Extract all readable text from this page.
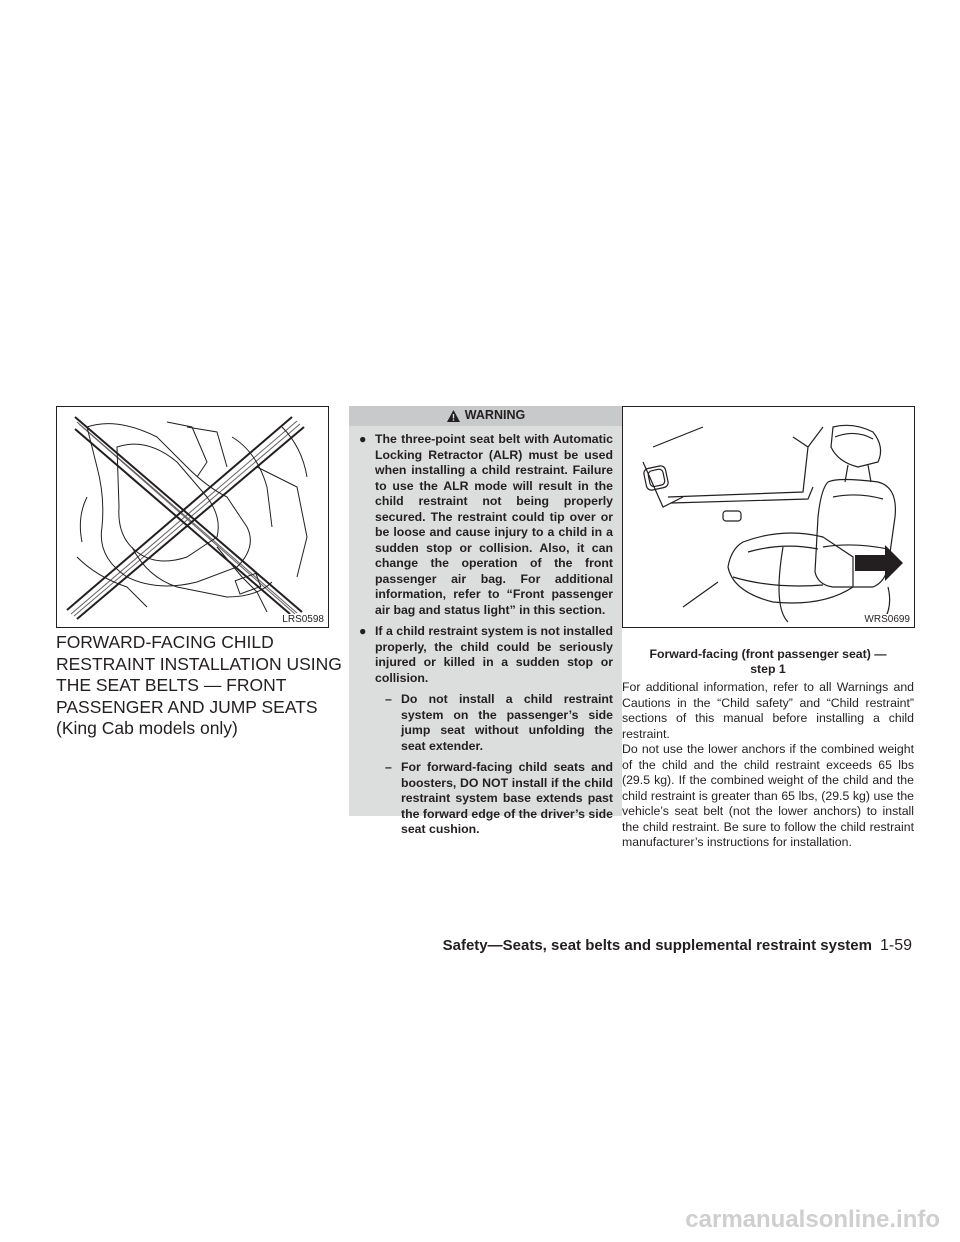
LRS0598
FORWARD-FACING CHILD
RESTRAINT INSTALLATION USING
THE SEAT BELTS — FRONT
PASSENGER AND JUMP SEATS
(King Cab models only)
WARNING
● The three-point seat belt with Automatic Locking Retractor (ALR) must be used when installing a child restraint. Failure to use the ALR mode will result in the child restraint not being properly secured. The restraint could tip over or be loose and cause injury to a child in a sudden stop or collision. Also, it can change the operation of the front passenger air bag. For additional information, refer to “Front passenger air bag and status light” in this section.
● If a child restraint system is not installed properly, the child could be seriously injured or killed in a sudden stop or collision.
– Do not install a child restraint system on the passenger’s side jump seat without unfolding the seat extender.
– For forward-facing child seats and boosters, DO NOT install if the child restraint system base extends past the forward edge of the driver’s side seat cushion.
WRS0699
Forward-facing (front passenger seat) —
step 1

For additional information, refer to all Warnings and Cautions in the “Child safety” and “Child restraint” sections of this manual before installing a child restraint.

Do not use the lower anchors if the combined weight of the child and the child restraint exceeds 65 lbs (29.5 kg). If the combined weight of the child and the child restraint is greater than 65 lbs, (29.5 kg) use the vehicle’s seat belt (not the lower anchors) to install the child restraint. Be sure to follow the child restraint manufacturer’s instructions for installation.

Safety—Seats, seat belts and supplemental restraint system 1-59
carmanualsonline.info
